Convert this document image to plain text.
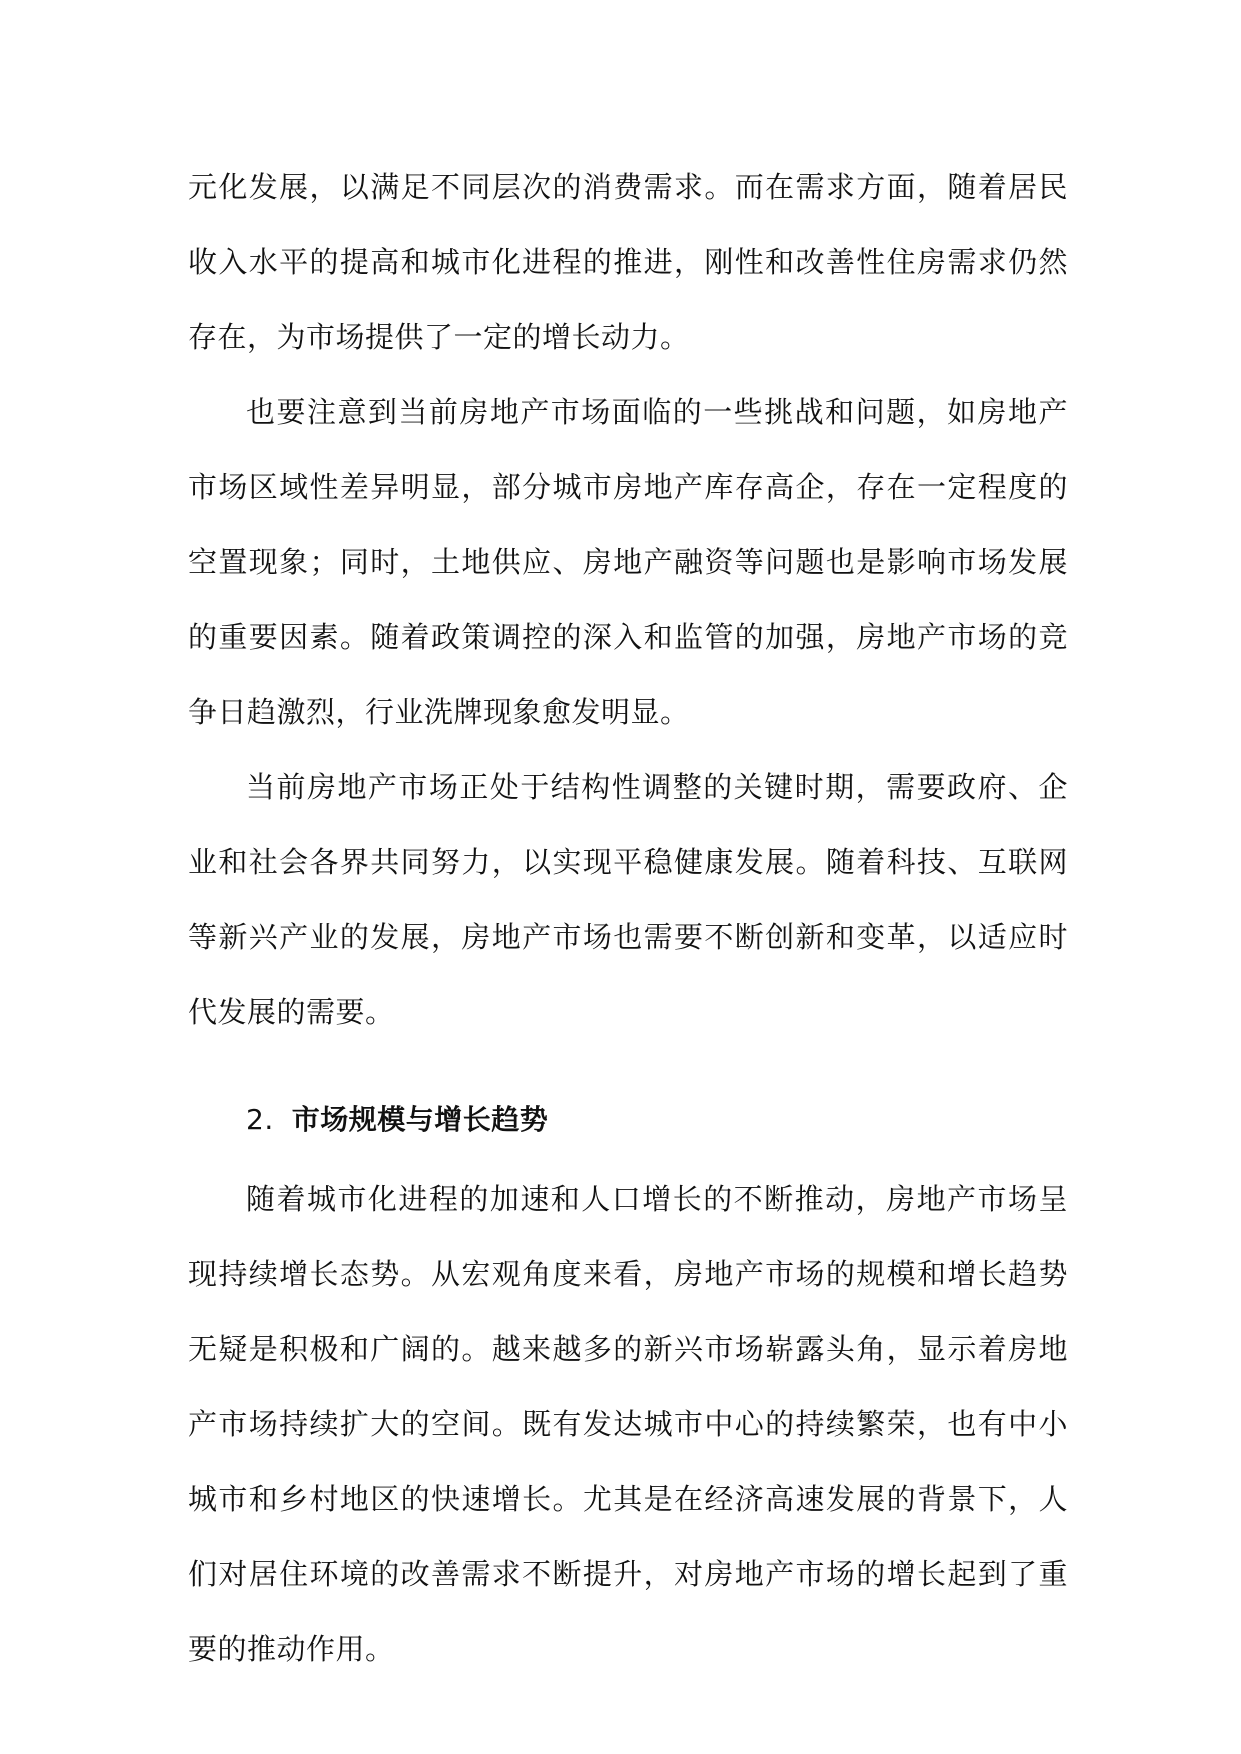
元化发展，以满足不同层次的消费需求。而在需求方面，随着居民收入水平的提高和城市化进程的推进，刚性和改善性住房需求仍然存在，为市场提供了一定的增长动力。

也要注意到当前房地产市场面临的一些挑战和问题，如房地产市场区域性差异明显，部分城市房地产库存高企，存在一定程度的空置现象；同时，土地供应、房地产融资等问题也是影响市场发展的重要因素。随着政策调控的深入和监管的加强，房地产市场的竞争日趋激烈，行业洗牌现象愈发明显。

当前房地产市场正处于结构性调整的关键时期，需要政府、企业和社会各界共同努力，以实现平稳健康发展。随着科技、互联网等新兴产业的发展，房地产市场也需要不断创新和变革，以适应时代发展的需要。

2. 市场规模与增长趋势

随着城市化进程的加速和人口增长的不断推动，房地产市场呈现持续增长态势。从宏观角度来看，房地产市场的规模和增长趋势无疑是积极和广阔的。越来越多的新兴市场崭露头角，显示着房地产市场持续扩大的空间。既有发达城市中心的持续繁荣，也有中小城市和乡村地区的快速增长。尤其是在经济高速发展的背景下，人们对居住环境的改善需求不断提升，对房地产市场的增长起到了重要的推动作用。
